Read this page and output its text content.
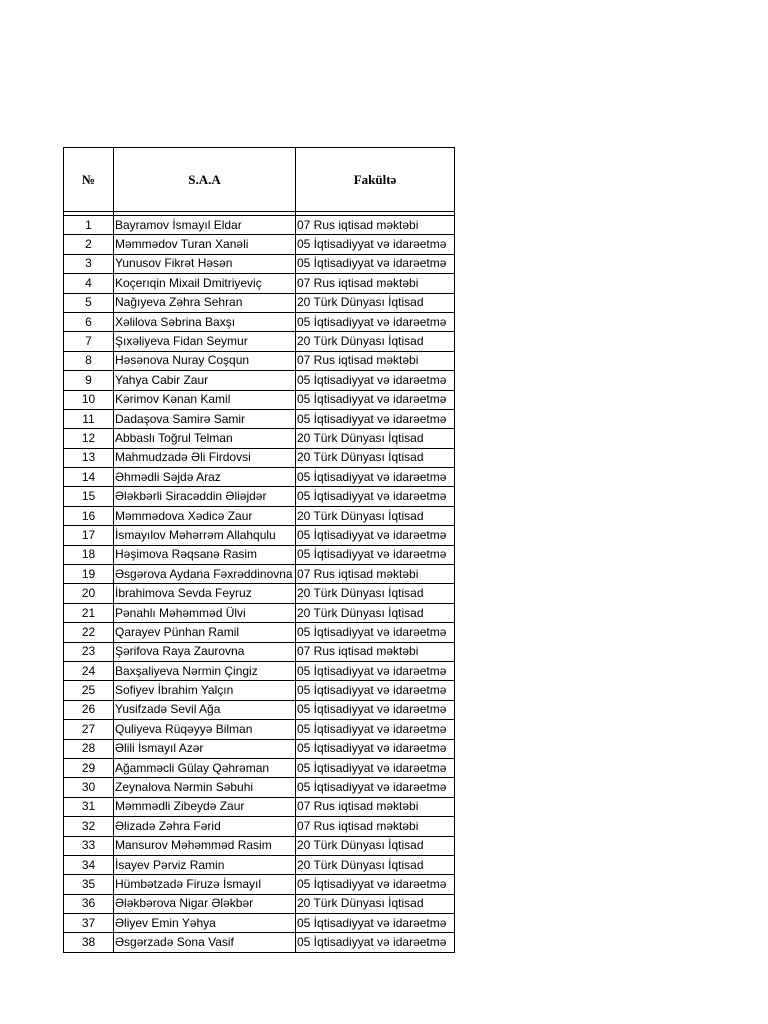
№	S.A.A	Fakültə

1	Bayramov İsmayıl Eldar	07 Rus iqtisad məktəbi
2	Məmmədov Turan Xanəli	05 İqtisadiyyat və idarəetmə
3	Yunusov Fikrət Həsən	05 İqtisadiyyat və idarəetmə
4	Koçerıqin Mixail Dmitriyeviç	07 Rus iqtisad məktəbi
5	Nağıyeva Zəhra Sehran	20 Türk Dünyası İqtisad
6	Xəlilova Səbrina Baxşı	05 İqtisadiyyat və idarəetmə
7	Şıxəliyeva Fidan Seymur	20 Türk Dünyası İqtisad
8	Həsənova Nuray Coşqun	07 Rus iqtisad məktəbi
9	Yahya Cabir Zaur	05 İqtisadiyyat və idarəetmə
10	Kərimov Kənan Kamil	05 İqtisadiyyat və idarəetmə
11	Dadaşova Samirə Samir	05 İqtisadiyyat və idarəetmə
12	Abbaslı Toğrul Telman	20 Türk Dünyası İqtisad
13	Mahmudzadə Əli Firdovsi	20 Türk Dünyası İqtisad
14	Əhmədli Səjdə Araz	05 İqtisadiyyat və idarəetmə
15	Ələkbərli Siracəddin Əliəjdər	05 İqtisadiyyat və idarəetmə
16	Məmmədova Xədicə Zaur	20 Türk Dünyası İqtisad
17	İsmayılov Məhərrəm Allahqulu	05 İqtisadiyyat və idarəetmə
18	Həşimova Rəqsanə Rasim	05 İqtisadiyyat və idarəetmə
19	Əsgərova Aydana Fəxrəddinovna	07 Rus iqtisad məktəbi
20	İbrahimova Sevda Feyruz	20 Türk Dünyası İqtisad
21	Pənahlı Məhəmməd Ülvi	20 Türk Dünyası İqtisad
22	Qarayev Pünhan Ramil	05 İqtisadiyyat və idarəetmə
23	Şərifova Raya Zaurovna	07 Rus iqtisad məktəbi
24	Baxşaliyeva Nərmin Çingiz	05 İqtisadiyyat və idarəetmə
25	Sofiyev İbrahim Yalçın	05 İqtisadiyyat və idarəetmə
26	Yusifzadə Sevil Ağa	05 İqtisadiyyat və idarəetmə
27	Quliyeva Rüqəyyə Bilman	05 İqtisadiyyat və idarəetmə
28	Əlili İsmayıl Azər	05 İqtisadiyyat və idarəetmə
29	Ağamməcli Gülay Qəhrəman	05 İqtisadiyyat və idarəetmə
30	Zeynalova Nərmin Səbuhi	05 İqtisadiyyat və idarəetmə
31	Məmmədli Zibeydə Zaur	07 Rus iqtisad məktəbi
32	Əlizadə Zəhra Fərid	07 Rus iqtisad məktəbi
33	Mansurov Məhəmməd Rasim	20 Türk Dünyası İqtisad
34	İsayev Pərviz Ramin	20 Türk Dünyası İqtisad
35	Hümbətzadə Firuzə İsmayıl	05 İqtisadiyyat və idarəetmə
36	Ələkbərova Nigar Ələkbər	20 Türk Dünyası İqtisad
37	Əliyev Emin Yəhya	05 İqtisadiyyat və idarəetmə
38	Əsgərzadə Sona Vasif	05 İqtisadiyyat və idarəetmə
